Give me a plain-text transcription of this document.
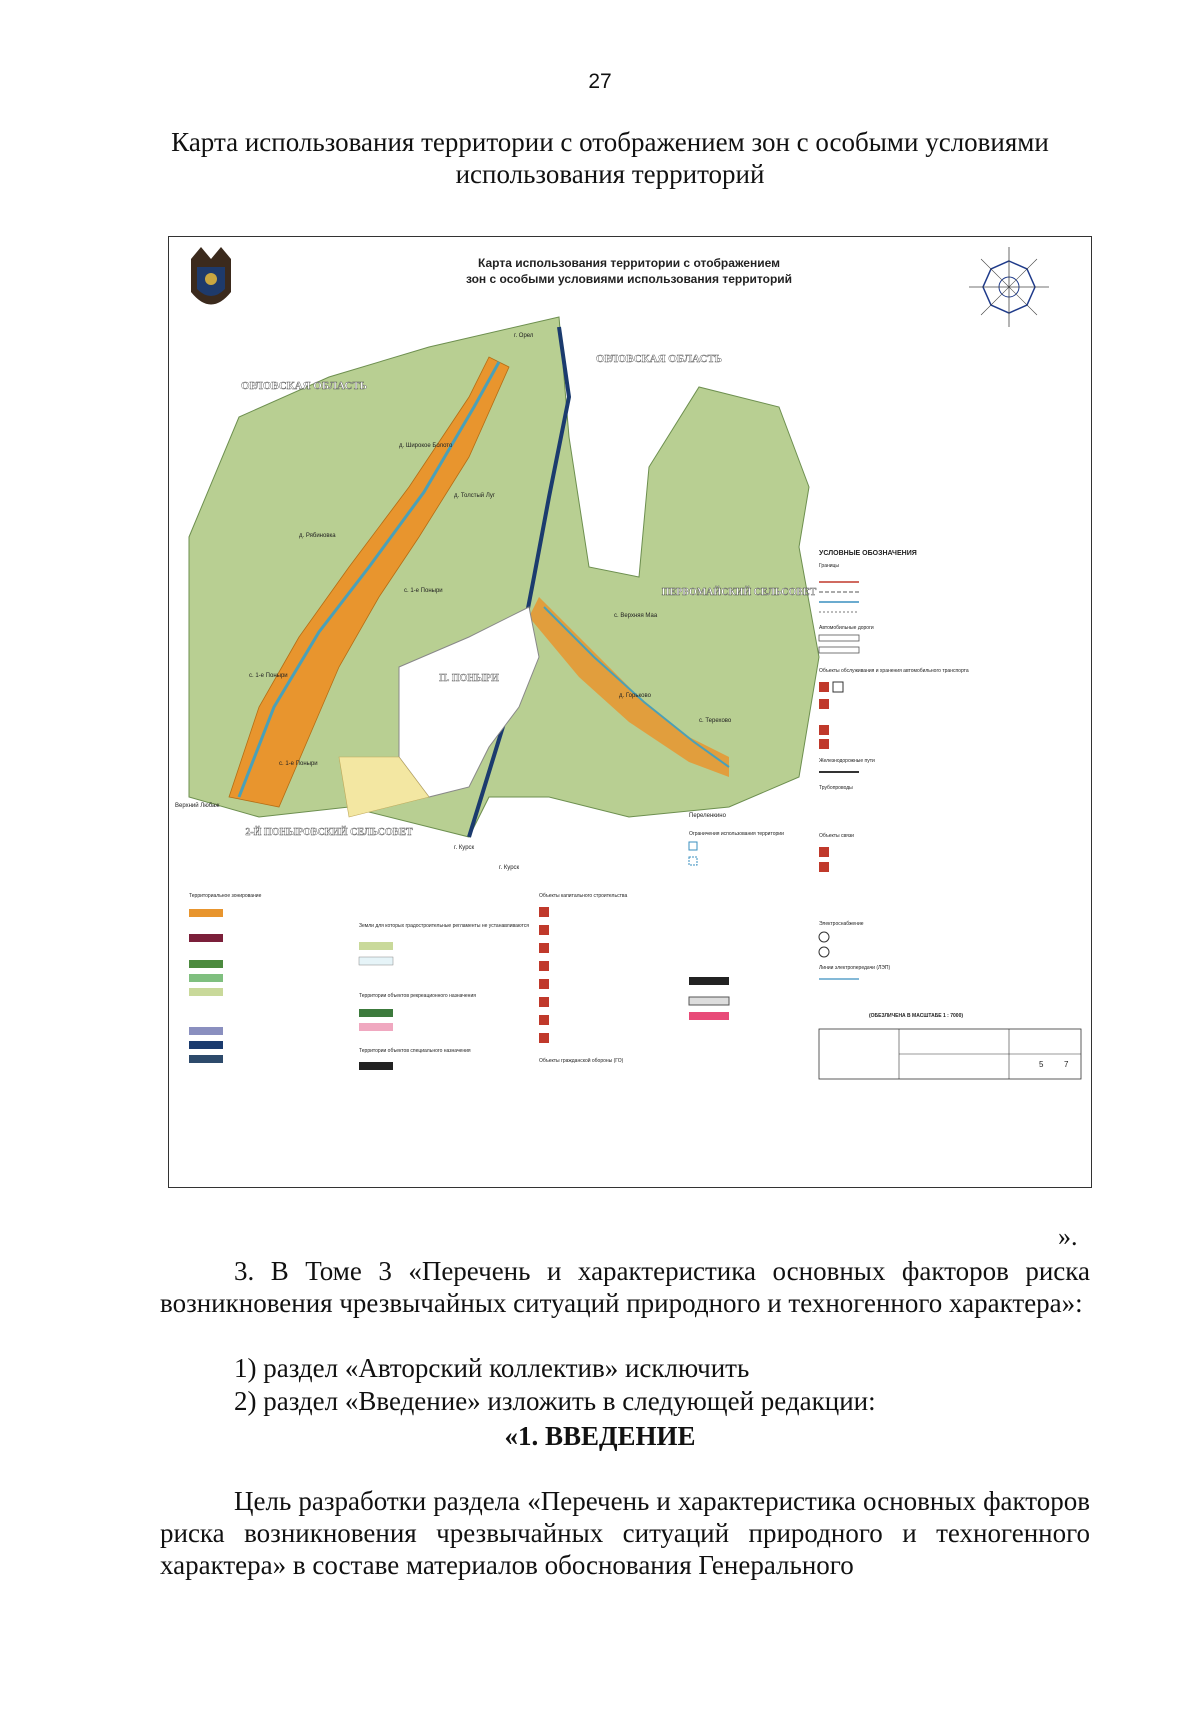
27
Карта использования территории с отображением зон с особыми условиями использования территорий
Карта использования территории с отображением
зон с особыми условиями использования территорий
ОРЛОВСКАЯ ОБЛАСТЬ
ОРЛОВСКАЯ ОБЛАСТЬ
ПЕРВОМАЙСКИЙ СЕЛЬСОВЕТ
2-Й ПОНЫРОВСКИЙ СЕЛЬСОВЕТ
П. ПОНЫРИ
г. Орел
г. Курск
г. Курск
Верхний Любаж
Переленкино
д. Широкое Болото
д. Толстый Луг
д. Рябиновка
с. 1-е Поныри
с. 1-е Поныри
с. 1-е Поныри
с. Верхняя Маа
д. Горьково
с. Терехово
УСЛОВНЫЕ ОБОЗНАЧЕНИЯ
Границы
Автомобильные дороги
Объекты обслуживания и хранения автомобильного транспорта
Железнодорожные пути
Трубопроводы
Объекты связи
Электроснабжение
Линии электропередачи (ЛЭП)
(ОБЕЗЛИЧЕНА В МАСШТАБЕ 1 : 7000)
5	7
Ограничения использования территории
Территориальное зонирование
Земли для которых градостроительные регламенты не устанавливаются
Территории объектов рекреационного назначения
Территории объектов специального назначения
Объекты капитального строительства
Объекты гражданской обороны (ГО)
».

3. В Томе 3 «Перечень и характеристика основных факторов риска возникновения чрезвычайных ситуаций природного и техногенного характера»:

1) раздел «Авторский коллектив» исключить
2) раздел «Введение» изложить в следующей редакции:
«1. ВВЕДЕНИЕ

Цель разработки раздела «Перечень и характеристика основных факторов риска возникновения чрезвычайных ситуаций природного и техногенного характера» в составе материалов обоснования Генерального
